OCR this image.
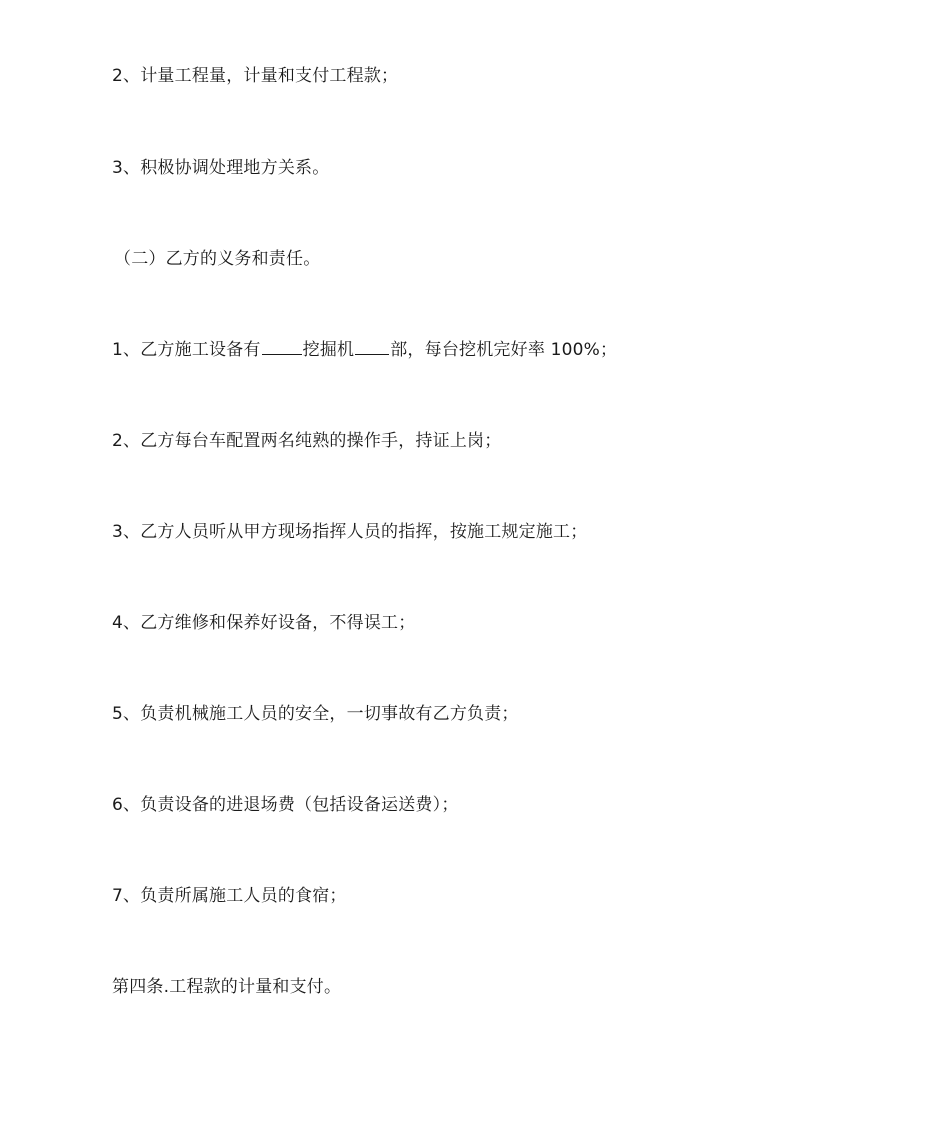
2、计量工程量，计量和支付工程款；
3、积极协调处理地方关系。
（二）乙方的义务和责任。
1、乙方施工设备有 挖掘机 部，每台挖机完好率 100%；
2、乙方每台车配置两名纯熟的操作手，持证上岗；
3、乙方人员听从甲方现场指挥人员的指挥，按施工规定施工；
4、乙方维修和保养好设备，不得误工；
5、负责机械施工人员的安全，一切事故有乙方负责；
6、负责设备的进退场费（包括设备运送费）；
7、负责所属施工人员的食宿；
第四条.工程款的计量和支付。
